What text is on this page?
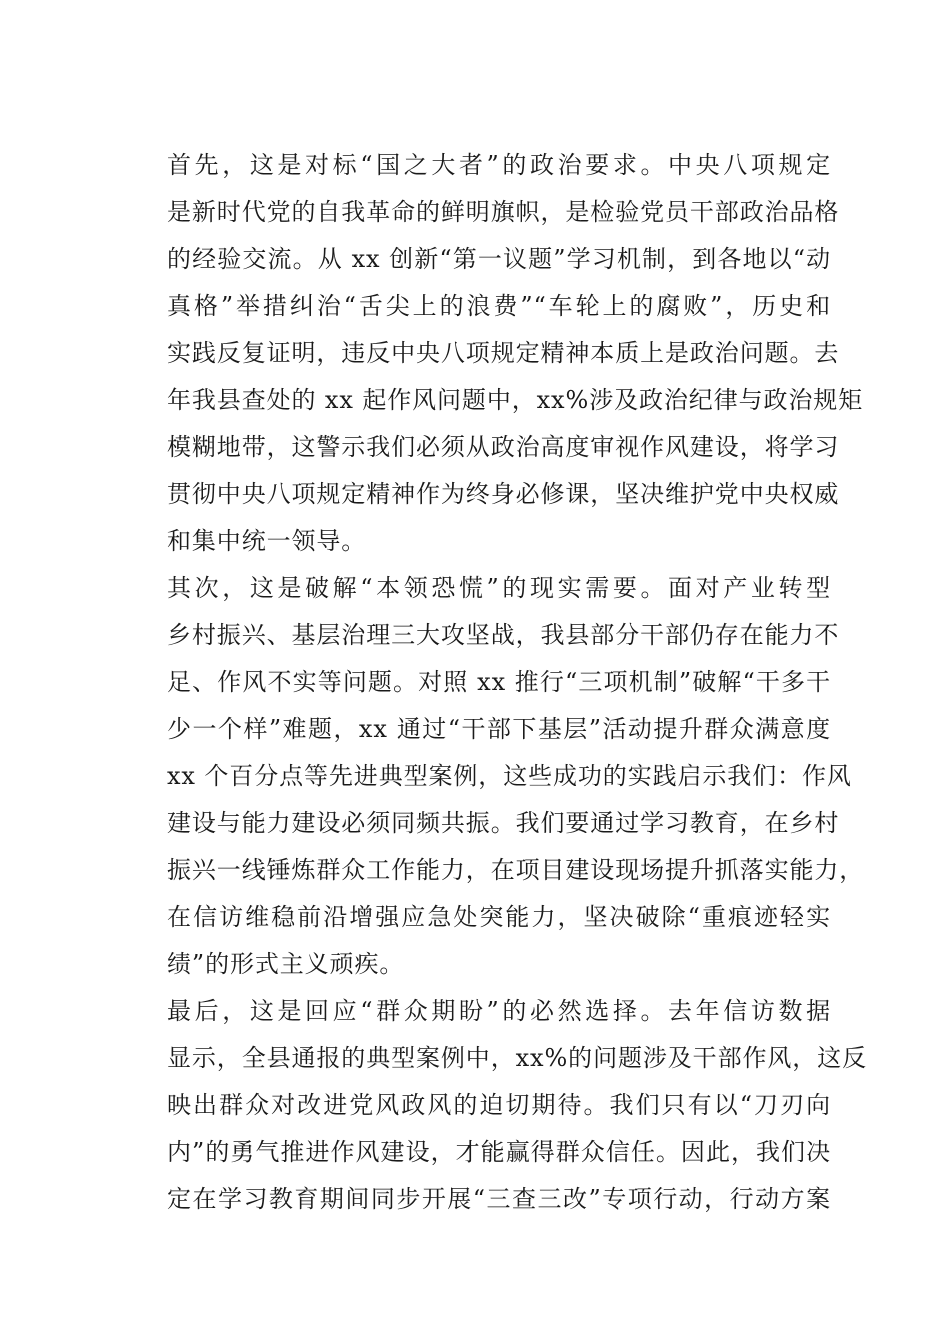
首先，这是对标“国之大者”的政治要求。中央八项规定
是新时代党的自我革命的鲜明旗帜，是检验党员干部政治品格
的经验交流。从 xx 创新“第一议题”学习机制，到各地以“动
真格”举措纠治“舌尖上的浪费”“车轮上的腐败”，历史和
实践反复证明，违反中央八项规定精神本质上是政治问题。去
年我县查处的 xx 起作风问题中，xx%涉及政治纪律与政治规矩
模糊地带，这警示我们必须从政治高度审视作风建设，将学习
贯彻中央八项规定精神作为终身必修课，坚决维护党中央权威
和集中统一领导。

其次，这是破解“本领恐慌”的现实需要。面对产业转型
乡村振兴、基层治理三大攻坚战，我县部分干部仍存在能力不
足、作风不实等问题。对照 xx 推行“三项机制”破解“干多干
少一个样”难题，xx 通过“干部下基层”活动提升群众满意度
xx 个百分点等先进典型案例，这些成功的实践启示我们：作风
建设与能力建设必须同频共振。我们要通过学习教育，在乡村
振兴一线锤炼群众工作能力，在项目建设现场提升抓落实能力，
在信访维稳前沿增强应急处突能力，坚决破除“重痕迹轻实
绩”的形式主义顽疾。

最后，这是回应“群众期盼”的必然选择。去年信访数据
显示，全县通报的典型案例中，xx%的问题涉及干部作风，这反
映出群众对改进党风政风的迫切期待。我们只有以“刀刃向
内”的勇气推进作风建设，才能赢得群众信任。因此，我们决
定在学习教育期间同步开展“三查三改”专项行动，行动方案
